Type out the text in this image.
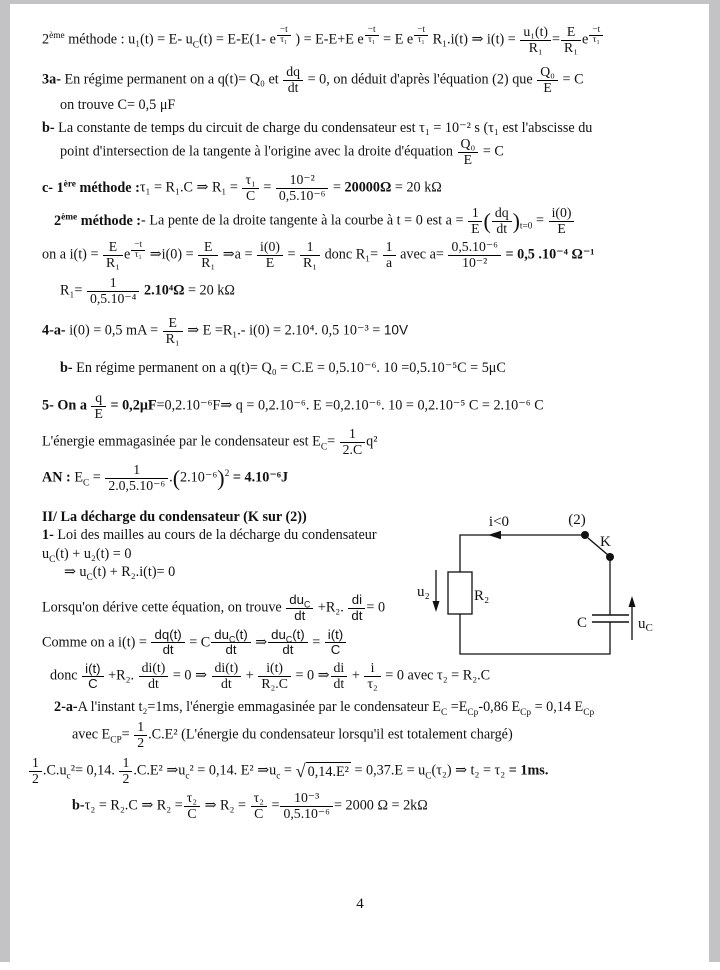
2ème méthode : u₁(t) = E- $u_C(t) = E-E(1-$ e $^{\frac{-t}{\text{τ₁}}}$ ) = E-E+E e $^{\frac{-t}{\text{τ₁}}}$ = E e $^{\frac{-t}{\text{τ₁}}}$ R₁.i(t) ⇒ $i(t) = \frac{\text{u₁(t)}}{\text{R₁}} = \frac{E}{\text{R₁}}$ e $^{\frac{-t}{\text{τ₁}}}$
3a- En régime permanent on a q(t)= Q₀ et $\frac{dq}{dt} = 0$, on déduit d'après l'équation (2) que $\frac{\text{Q₀}}{E} = C$
on trouve C= 0,5 μF
b- La constante de temps du circuit de charge du condensateur est τ₁ = 10⁻² s (τ₁ est l'abscisse du
point d'intersection de la tangente à l'origine avec la droite d'équation $\frac{\text{Q₀}}{E} = C$
c- 1ère méthode :τ₁ = R₁.C ⇒ $R_1 = \frac{\text{τ₁}}{C} = \frac{\text{10⁻²}}{\text{0,5.10⁻⁶}} = 20000\Omega = 20$ kΩ
2ème méthode :- La pente de la droite tangente à la courbe à t = 0 est $a = \frac{1}{E}$ ( $\frac{dq}{dt} )_{t=0} = \frac{i(0)}{E}$
on a $i(t) = \frac{E}{\text{R₁}}$ e $^{\frac{-t}{\text{τ₁}}}$ ⇒i(0) = $\frac{E}{\text{R₁}}$ ⇒a = $\frac{i(0)}{E} = \frac{1}{\text{R₁}}$ donc $R_1= \frac{1}{a}$ avec $a= \frac{\text{0,5.10⁻⁶}}{\text{10⁻²}} = 0,5$ .10⁻⁴ Ω⁻¹
$R_1= \frac{1}{\text{0,5.10⁻⁴}} 2.10^4\Omega = 20$ kΩ
4-a- i(0) = 0,5 mA = $\frac{E}{\text{R₁}}$ ⇒ E =R₁.- i(0) = 2.10⁴. 0,5 10⁻³ = 10V
b- En régime permanent on a q(t)= Q₀ = C.E = 0,5.10⁻⁶. 10 =0,5.10⁻⁵C = 5μC
5- On a $\frac{q}{E}$ = 0,2μF=0,2.10⁻⁶F⇒ q = 0,2.10⁻⁶. E =0,2.10⁻⁶. 10 = 0,2.10⁻⁵ C = 2.10⁻⁶ C
L'énergie emmagasinée par le condensateur est $E_C= \frac{1}{2.C} q^2$
AN : $E_C = \frac{1}{\text{2.0,5.10⁻⁶}} .(2.10^{-6})^2 = 4.10^{-6}J$
II/ La décharge du condensateur (K sur (2))
1- Loi des mailles au cours de la décharge du condensateur
$u_C(t) + u_2(t) = 0$
⇒ $u_C(t) + R_2.i(t)= 0$
Lorsqu'on dérive cette équation, on trouve $du_C$
dt +R₂. $\frac{di}{dt} = 0$
Comme on a $i(t) = \frac{dq(t)}{dt} = C$ $du_C(t)$
dt	⇒ $du_C(t)$
dt	= $\frac{i(t)}{C}$
donc $\frac{i(t)}{C} +R_2$. $\frac{di(t)}{dt} = 0$ ⇒ $\frac{di(t)}{dt} + \frac{i(t)}{\text{R₂.C}} = 0$ ⇒ $\frac{di}{dt} + \frac{i}{\text{τ₂}} = 0$ avec τ₂ = R₂.C
2-a-A l'instant t₂=1ms, l'énergie emmagasinée par le condensateur $E_C =E_{Cp}-0,86$ $E_{Cp} = 0,14$ $E_{Cp}$
avec $E_{CP}= \frac{1}{2} .C.E^2$ (L'énergie du condensateur lorsqu'il est totalement chargé)
$\frac{1}{2} .C.u_c^2= 0,14$. $\frac{1}{2} .C.E^2$ $\Rightarrow u_c^2 = 0,14$. E² $\Rightarrow u_c$ = √ $0,14.E^2 = 0,37.E = u_C(\tau_2)$ ⇒ t₂ = τ₂ = 1ms.
b-τ₂ = R₂.C ⇒ $R_2 = \frac{\text{τ₂}}{C}$ ⇒ $R_2 = \frac{\text{τ₂}}{C} = \frac{\text{10⁻³}}{\text{0,5.10⁻⁶}} = 2000$ Ω = 2kΩ
i<0	(2)
K
R₂
u₂
C	$u_C$
4
